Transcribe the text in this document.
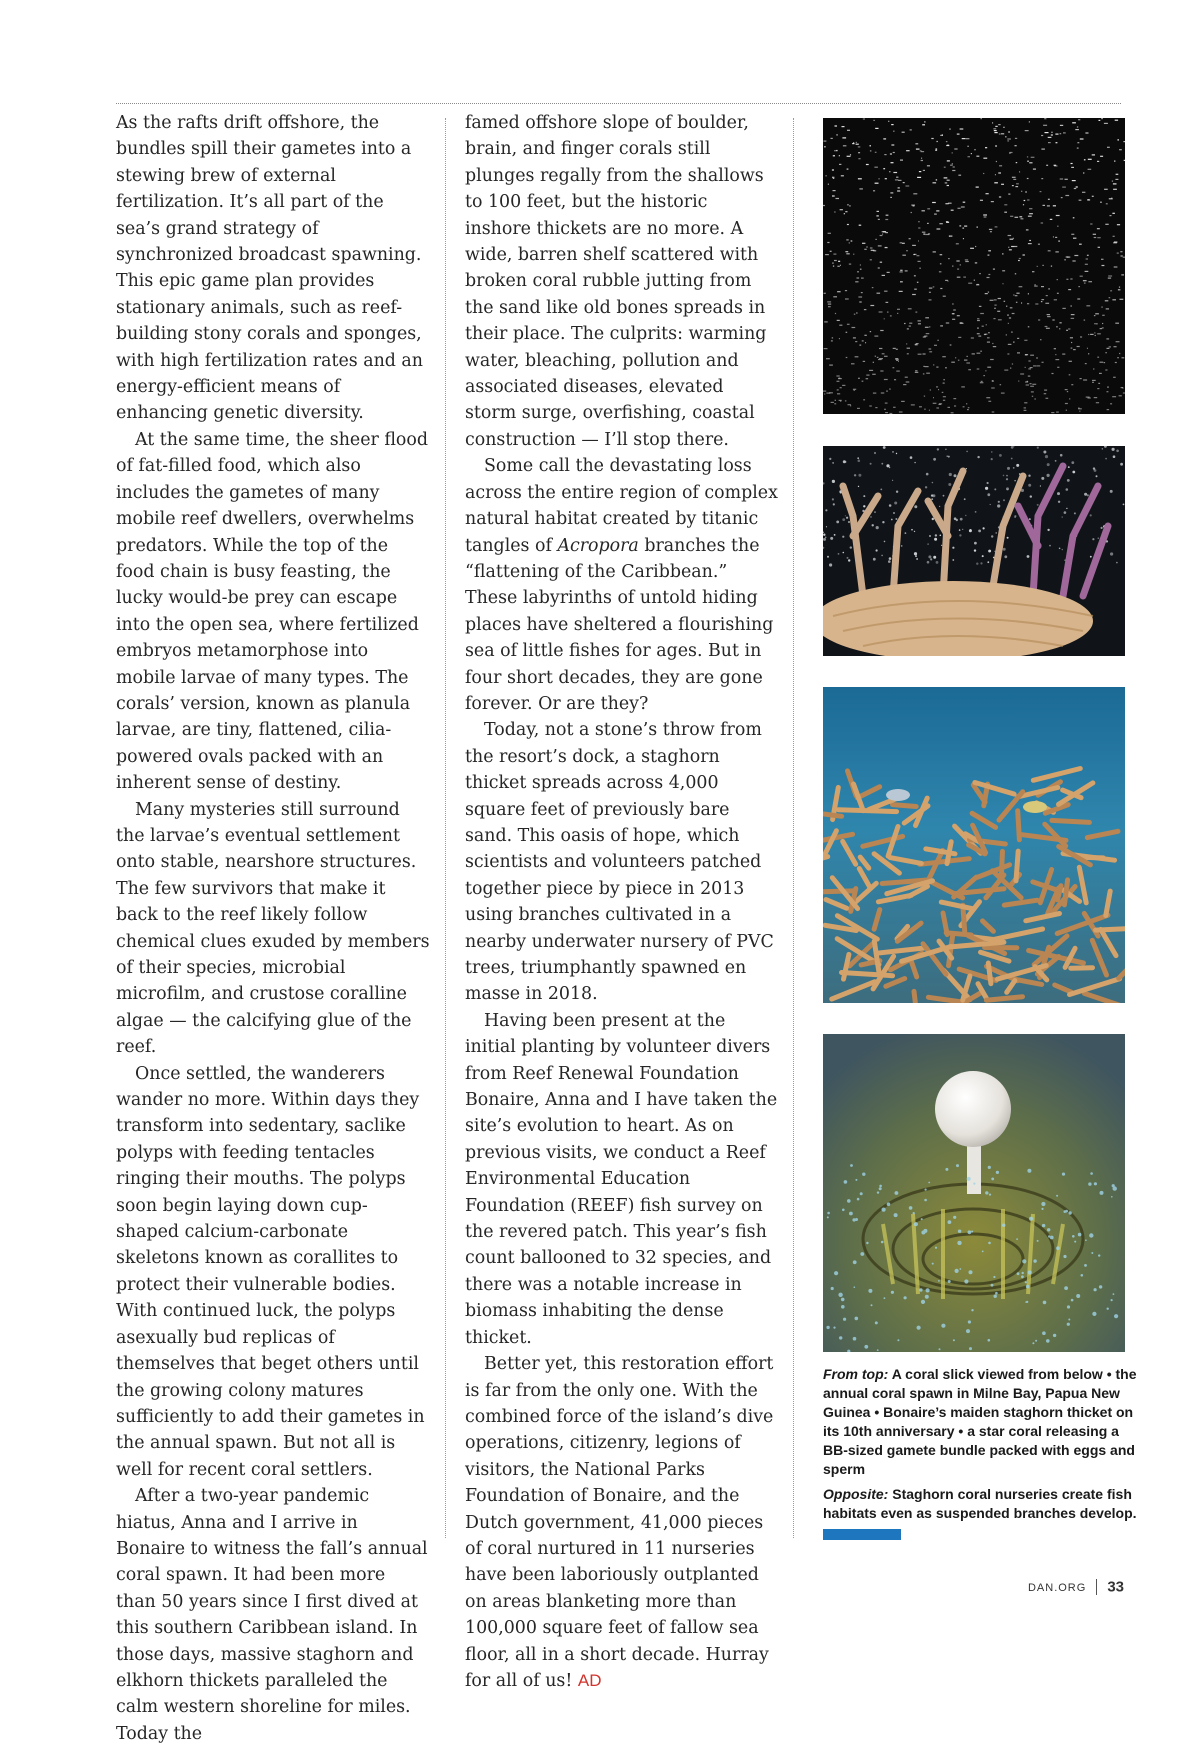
As the rafts drift offshore, the bundles spill their gametes into a stewing brew of external fertilization. It’s all part of the sea’s grand strategy of synchronized broadcast spawning. This epic game plan provides stationary animals, such as reef-building stony corals and sponges, with high fertilization rates and an energy-efficient means of enhancing genetic diversity.

At the same time, the sheer flood of fat-filled food, which also includes the gametes of many mobile reef dwellers, overwhelms predators. While the top of the food chain is busy feasting, the lucky would-be prey can escape into the open sea, where fertilized embryos metamorphose into mobile larvae of many types. The corals’ version, known as planula larvae, are tiny, flattened, cilia-powered ovals packed with an inherent sense of destiny.

Many mysteries still surround the larvae’s eventual settlement onto stable, nearshore structures. The few survivors that make it back to the reef likely follow chemical clues exuded by members of their species, microbial microfilm, and crustose coralline algae — the calcifying glue of the reef.

Once settled, the wanderers wander no more. Within days they transform into sedentary, saclike polyps with feeding tentacles ringing their mouths. The polyps soon begin laying down cup-shaped calcium-carbonate skeletons known as corallites to protect their vulnerable bodies. With continued luck, the polyps asexually bud replicas of themselves that beget others until the growing colony matures sufficiently to add their gametes in the annual spawn. But not all is well for recent coral settlers.

After a two-year pandemic hiatus, Anna and I arrive in Bonaire to witness the fall’s annual coral spawn. It had been more than 50 years since I first dived at this southern Caribbean island. In those days, massive staghorn and elkhorn thickets paralleled the calm western shoreline for miles. Today the

famed offshore slope of boulder, brain, and finger corals still plunges regally from the shallows to 100 feet, but the historic inshore thickets are no more. A wide, barren shelf scattered with broken coral rubble jutting from the sand like old bones spreads in their place. The culprits: warming water, bleaching, pollution and associated diseases, elevated storm surge, overfishing, coastal construction — I’ll stop there.

Some call the devastating loss across the entire region of complex natural habitat created by titanic tangles of Acropora branches the “flattening of the Caribbean.” These labyrinths of untold hiding places have sheltered a flourishing sea of little fishes for ages. But in four short decades, they are gone forever. Or are they?

Today, not a stone’s throw from the resort’s dock, a staghorn thicket spreads across 4,000 square feet of previously bare sand. This oasis of hope, which scientists and volunteers patched together piece by piece in 2013 using branches cultivated in a nearby underwater nursery of PVC trees, triumphantly spawned en masse in 2018.

Having been present at the initial planting by volunteer divers from Reef Renewal Foundation Bonaire, Anna and I have taken the site’s evolution to heart. As on previous visits, we conduct a Reef Environmental Education Foundation (REEF) fish survey on the revered patch. This year’s fish count ballooned to 32 species, and there was a notable increase in biomass inhabiting the dense thicket.

Better yet, this restoration effort is far from the only one. With the combined force of the island’s dive operations, citizenry, legions of visitors, the National Parks Foundation of Bonaire, and the Dutch government, 41,000 pieces of coral nurtured in 11 nurseries have been laboriously outplanted on areas blanketing more than 100,000 square feet of fallow sea floor, all in a short decade. Hurray for all of us! AD

From top: A coral slick viewed from below • the annual coral spawn in Milne Bay, Papua New Guinea • Bonaire’s maiden staghorn thicket on its 10th anniversary • a star coral releasing a BB-sized gamete bundle packed with eggs and sperm

Opposite: Staghorn coral nurseries create fish habitats even as suspended branches develop.

DAN.ORG 33
